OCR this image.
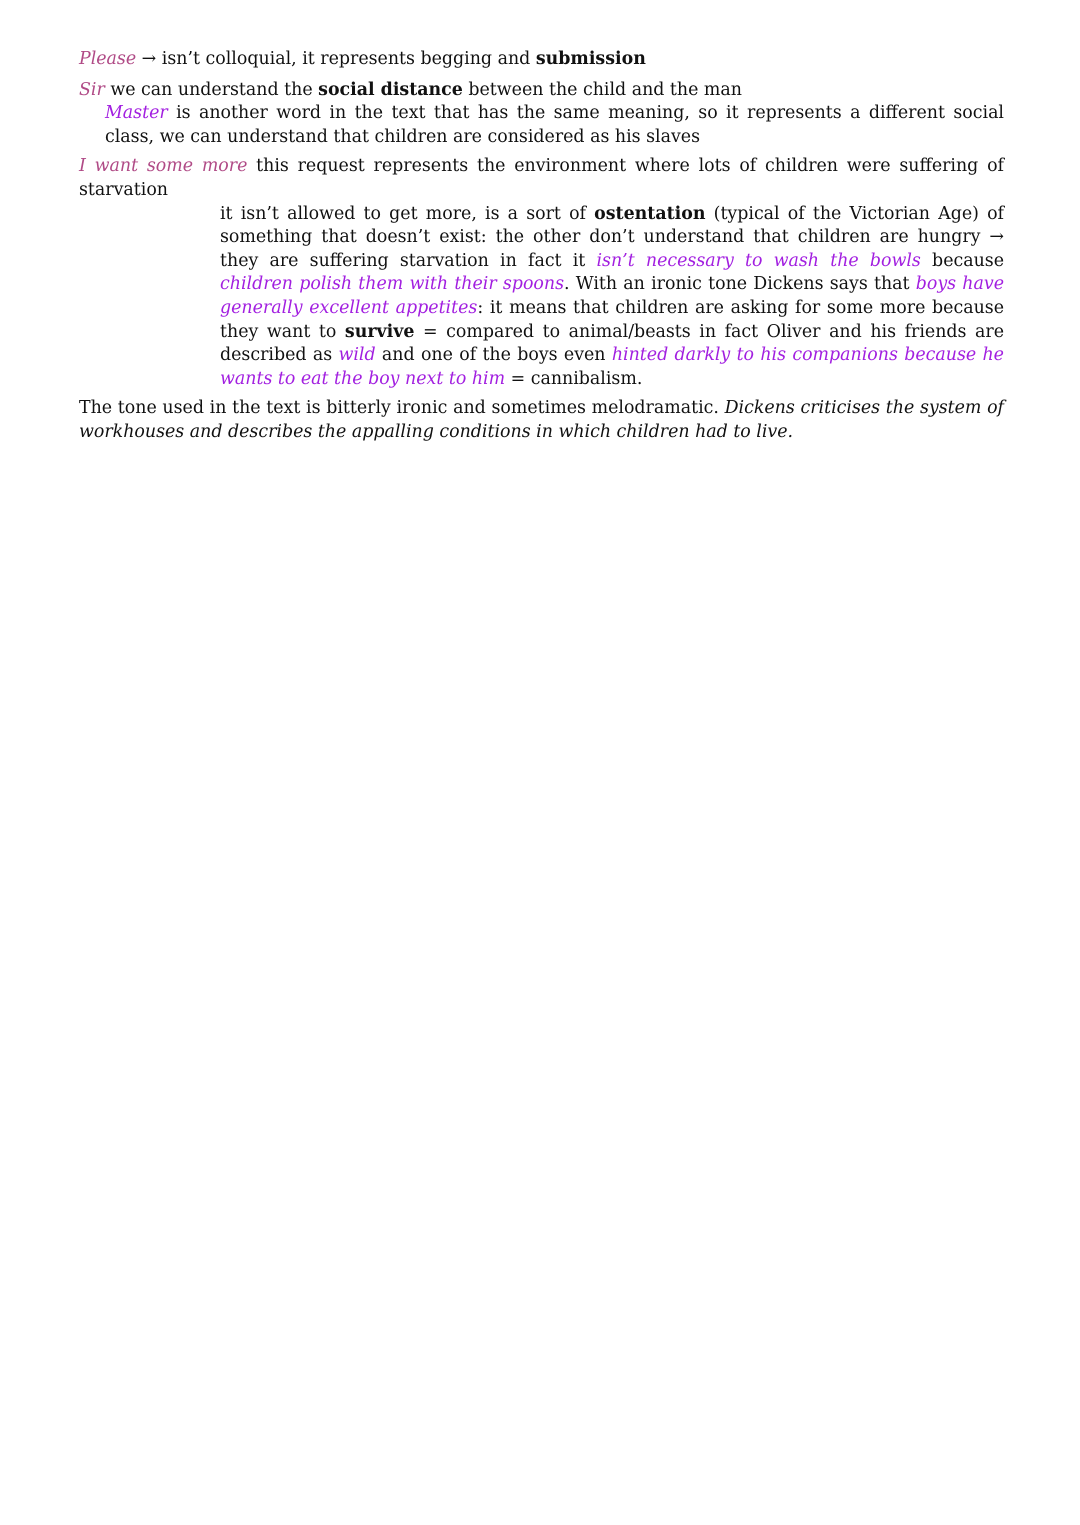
Please → isn’t colloquial, it represents begging and submission

Sir we can understand the social distance between the child and the man
Master is another word in the text that has the same meaning, so it represents a different social class, we can understand that children are considered as his slaves
I want some more this request represents the environment where lots of children were suffering of starvation
it isn’t allowed to get more, is a sort of ostentation (typical of the Victorian Age) of something that doesn’t exist: the other don’t understand that children are hungry → they are suffering starvation in fact it isn’t necessary to wash the bowls because children polish them with their spoons. With an ironic tone Dickens says that boys have generally excellent appetites: it means that children are asking for some more because they want to survive = compared to animal/beasts in fact Oliver and his friends are described as wild and one of the boys even hinted darkly to his companions because he wants to eat the boy next to him = cannibalism.

The tone used in the text is bitterly ironic and sometimes melodramatic. Dickens criticises the system of workhouses and describes the appalling conditions in which children had to live.
